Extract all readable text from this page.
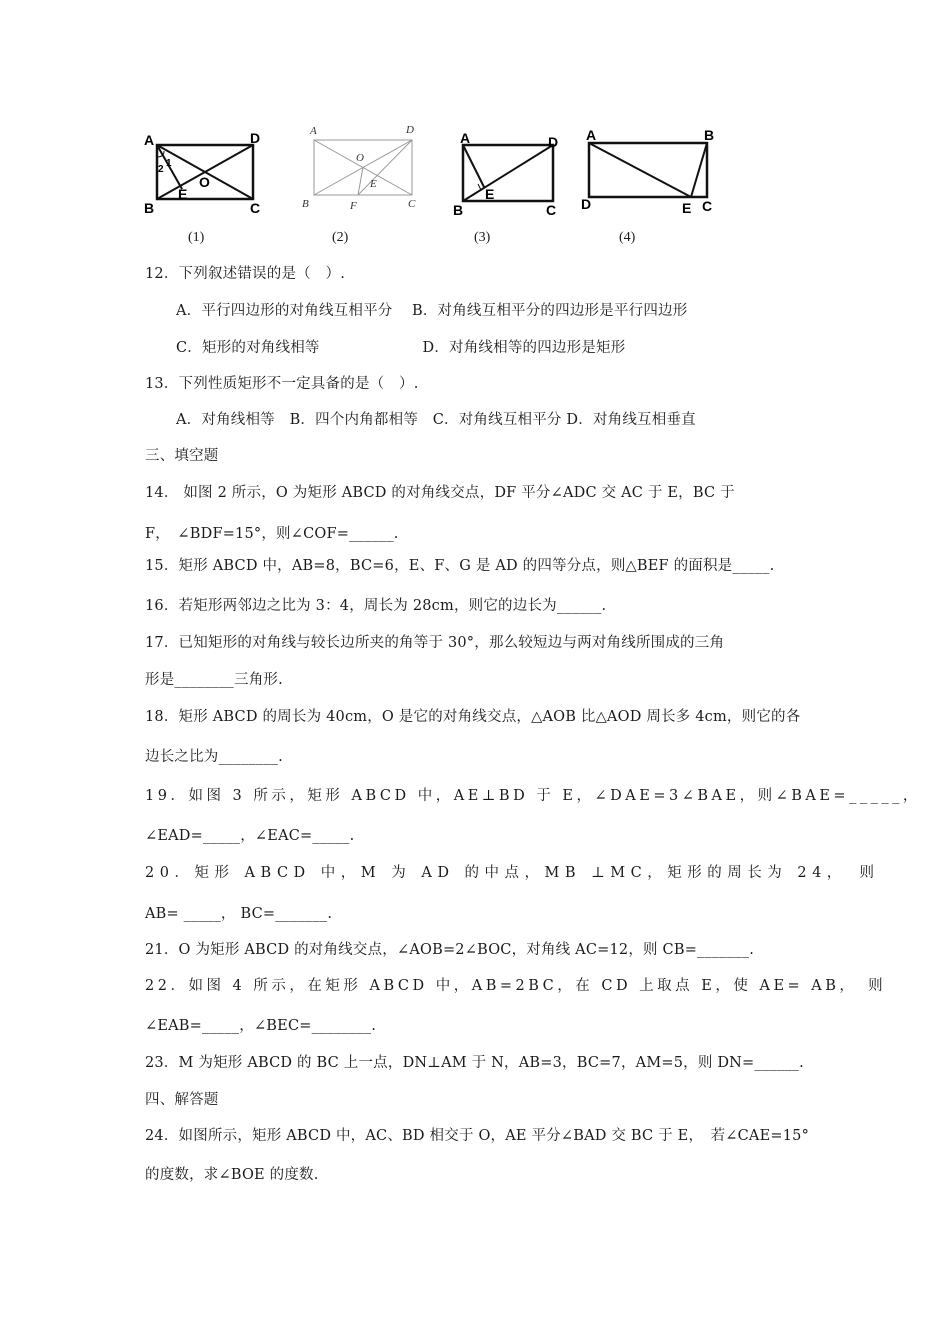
A	D
B	C
E
O
1
2
(1)
A	D
B	F	C
O
E
(2)
A	D
B	C
E
(3)
A	B
D	E C
(4)
12．下列叙述错误的是（　）.
A．平行四边形的对角线互相平分　 B．对角线互相平分的四边形是平行四边形
C．矩形的对角线相等　　　　　　　D．对角线相等的四边形是矩形
13．下列性质矩形不一定具备的是（　）.
A．对角线相等　B．四个内角都相等　C．对角线互相平分 D．对角线互相垂直
三、填空题
14． 如图 2 所示，O 为矩形 ABCD 的对角线交点，DF 平分∠ADC 交 AC 于 E，BC 于
F，　∠BDF=15°，则∠COF=______.
15．矩形 ABCD 中，AB=8，BC=6，E、F、G 是 AD 的四等分点，则△BEF 的面积是_____.
16．若矩形两邻边之比为 3：4，周长为 28cm，则它的边长为______.
17．已知矩形的对角线与较长边所夹的角等于 30°，那么较短边与两对角线所围成的三角
形是________三角形.
18．矩形 ABCD 的周长为 40cm，O 是它的对角线交点，△AOB 比△AOD 周长多 4cm，则它的各
边长之比为________.
19．如图 3 所示，矩形 ABCD 中，AE⊥BD 于 E，∠DAE=3∠BAE，则∠BAE=_____，
∠EAD=_____，∠EAC=_____.
20．矩形 ABCD 中，M 为 AD 的中点，MB ⊥MC，矩形的周长为 24，　则
AB= _____， BC=_______.
21．O 为矩形 ABCD 的对角线交点，∠AOB=2∠BOC，对角线 AC=12，则 CB=_______.
22．如图 4 所示，在矩形 ABCD 中，AB=2BC，在 CD 上取点 E，使 AE= AB，　则
∠EAB=_____，∠BEC=________.
23．M 为矩形 ABCD 的 BC 上一点，DN⊥AM 于 N，AB=3，BC=7，AM=5，则 DN=______.
四、解答题
24．如图所示，矩形 ABCD 中，AC、BD 相交于 O，AE 平分∠BAD 交 BC 于 E，　若∠CAE=15°
的度数，求∠BOE 的度数.
